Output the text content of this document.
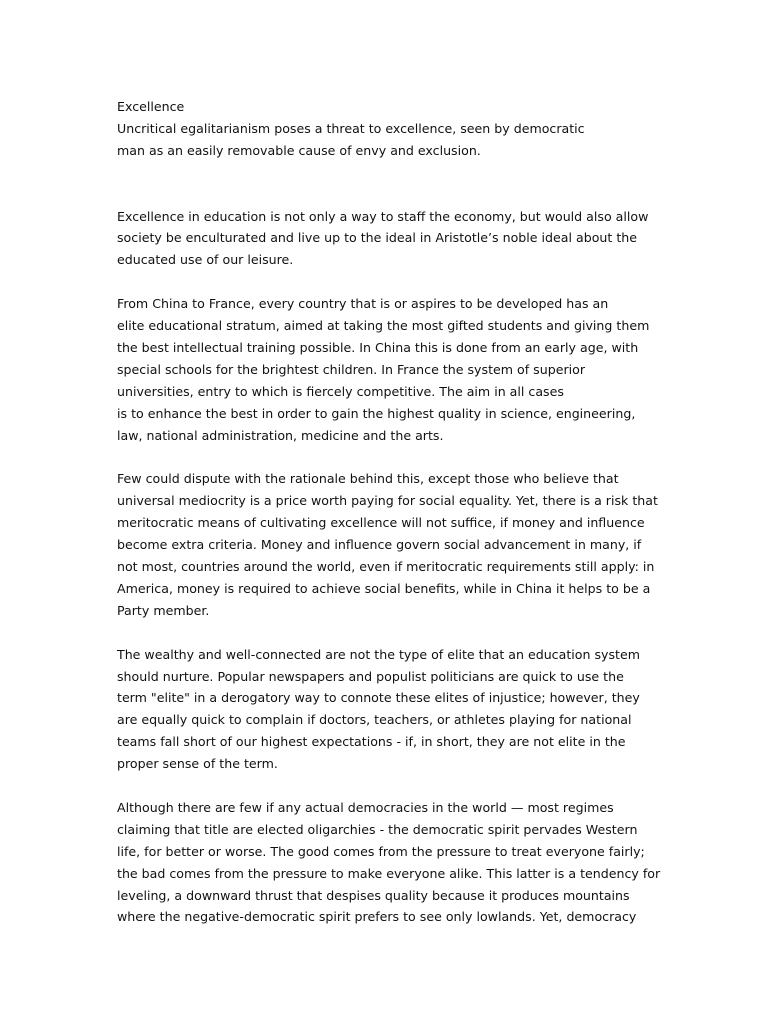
Excellence
Uncritical egalitarianism poses a threat to excellence, seen by democratic
man as an easily removable cause of envy and exclusion.
Excellence in education is not only a way to staff the economy, but would also allow
society be enculturated and live up to the ideal in Aristotle’s noble ideal about the
educated use of our leisure.
From China to France, every country that is or aspires to be developed has an
elite educational stratum, aimed at taking the most gifted students and giving them
the best intellectual training possible. In China this is done from an early age, with
special schools for the brightest children. In France the system of superior
universities, entry to which is fiercely competitive. The aim in all cases
is to enhance the best in order to gain the highest quality in science, engineering,
law, national administration, medicine and the arts.
Few could dispute with the rationale behind this, except those who believe that
universal mediocrity is a price worth paying for social equality. Yet, there is a risk that
meritocratic means of cultivating excellence will not suffice, if money and influence
become extra criteria. Money and influence govern social advancement in many, if
not most, countries around the world, even if meritocratic requirements still apply: in
America, money is required to achieve social benefits, while in China it helps to be a
Party member.
The wealthy and well-connected are not the type of elite that an education system
should nurture. Popular newspapers and populist politicians are quick to use the
term "elite" in a derogatory way to connote these elites of injustice; however, they
are equally quick to complain if doctors, teachers, or athletes playing for national
teams fall short of our highest expectations - if, in short, they are not elite in the
proper sense of the term.
Although there are few if any actual democracies in the world — most regimes
claiming that title are elected oligarchies - the democratic spirit pervades Western
life, for better or worse. The good comes from the pressure to treat everyone fairly;
the bad comes from the pressure to make everyone alike. This latter is a tendency for
leveling, a downward thrust that despises quality because it produces mountains
where the negative-democratic spirit prefers to see only lowlands. Yet, democracy
